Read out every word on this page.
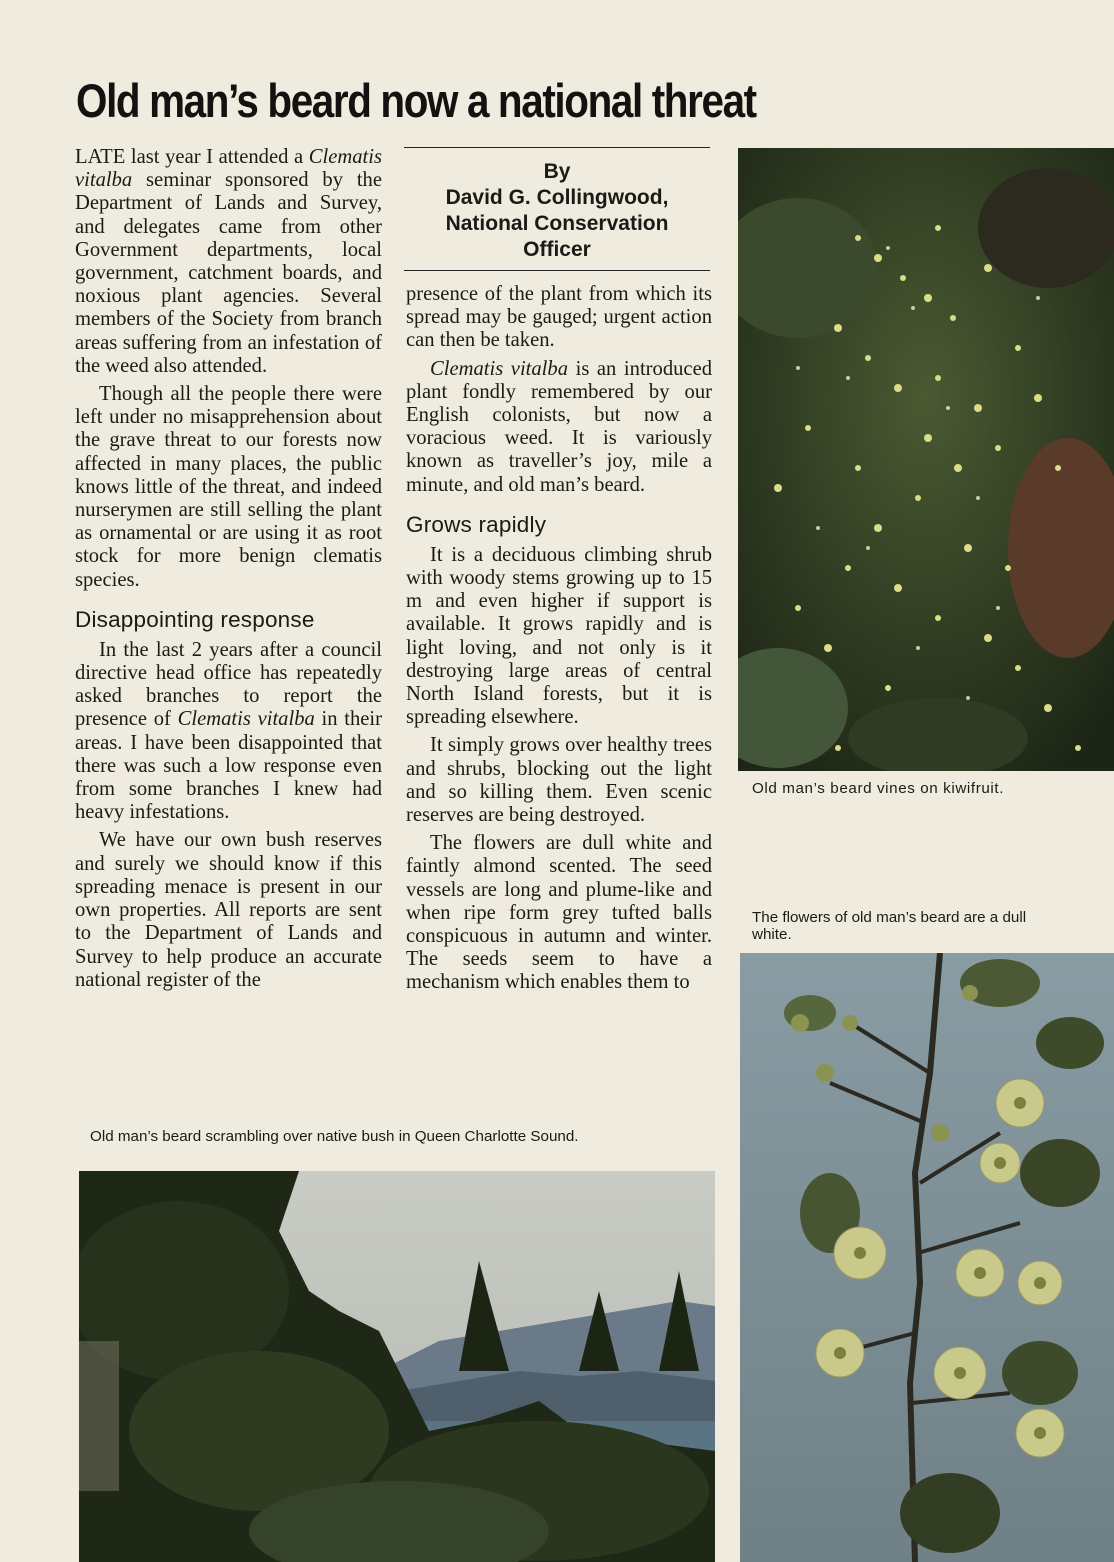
Old man’s beard now a national threat

LATE last year I attended a Clematis vitalba seminar sponsored by the Department of Lands and Survey, and delegates came from other Government departments, local government, catchment boards, and noxious plant agencies. Several members of the Society from branch areas suffering from an infestation of the weed also attended.

Though all the people there were left under no misapprehension about the grave threat to our forests now affected in many places, the public knows little of the threat, and indeed nurserymen are still selling the plant as ornamental or are using it as root stock for more benign clematis species.

Disappointing response

In the last 2 years after a council directive head office has repeatedly asked branches to report the presence of Clematis vitalba in their areas. I have been disappointed that there was such a low response even from some branches I knew had heavy infestations.

We have our own bush reserves and surely we should know if this spreading menace is present in our own properties. All reports are sent to the Department of Lands and Survey to help produce an accurate national register of the

By
David G. Collingwood,
National Conservation
Officer

presence of the plant from which its spread may be gauged; urgent action can then be taken.

Clematis vitalba is an introduced plant fondly remembered by our English colonists, but now a voracious weed. It is variously known as traveller’s joy, mile a minute, and old man’s beard.

Grows rapidly

It is a deciduous climbing shrub with woody stems growing up to 15 m and even higher if support is available. It grows rapidly and is light loving, and not only is it destroying large areas of central North Island forests, but it is spreading elsewhere.

It simply grows over healthy trees and shrubs, blocking out the light and so killing them. Even scenic reserves are being destroyed.

The flowers are dull white and faintly almond scented. The seed vessels are long and plume-like and when ripe form grey tufted balls conspicuous in autumn and winter. The seeds seem to have a mechanism which enables them to

Old man’s beard vines on kiwifruit.
The flowers of old man’s beard are a dull white.
Old man’s beard scrambling over native bush in Queen Charlotte Sound.
